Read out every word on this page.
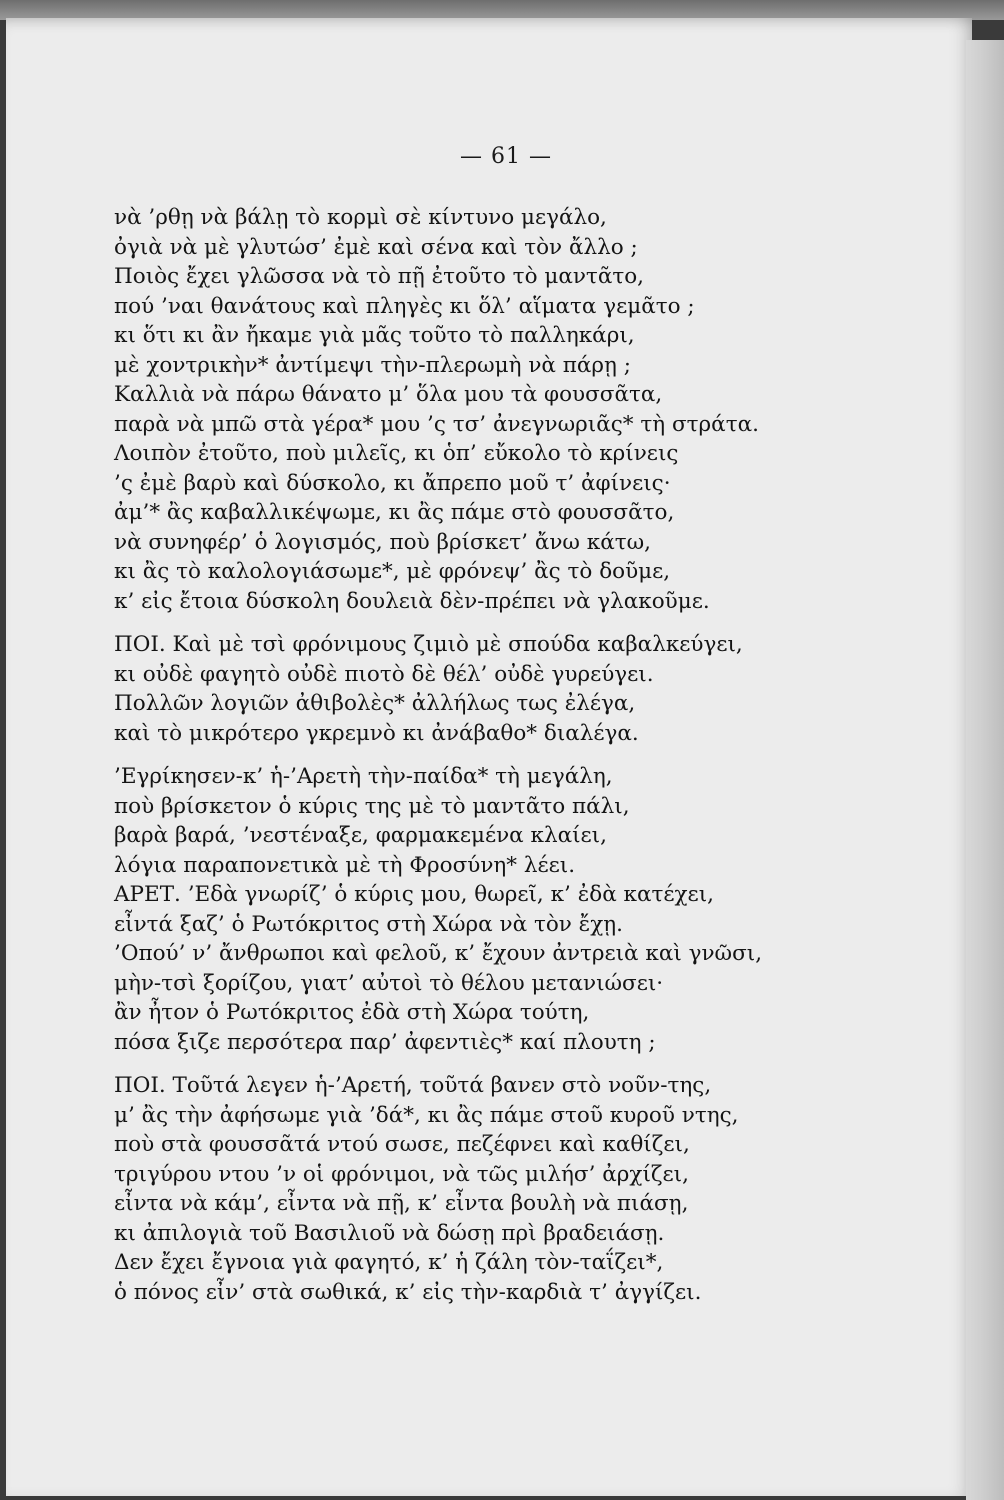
— 61 —
νὰ ’ρθῃ νὰ βάλῃ τὸ κορμὶ σὲ κίντυνο μεγάλο,
ὀγιὰ νὰ μὲ γλυτώσ’ ἐμὲ καὶ σένα καὶ τὸν ἄλλο ;
Ποιὸς ἔχει γλῶσσα νὰ τὸ πῇ ἐτοῦτο τὸ μαντᾶτο,
πού ’ναι θανάτους καὶ πληγὲς κι ὅλ’ αἵματα γεμᾶτο ;
κι ὅτι κι ἂν ἤκαμε γιὰ μᾶς τοῦτο τὸ παλληκάρι,
μὲ χοντρικὴν* ἀντίμεψι τὴν-πλερωμὴ νὰ πάρῃ ;
Καλλιὰ νὰ πάρω θάνατο μ’ ὅλα μου τὰ φουσσᾶτα,
παρὰ νὰ μπῶ στὰ γέρα* μου ’ς τσ’ ἀνεγνωριᾶς* τὴ στράτα.
Λοιπὸν ἐτοῦτο, ποὺ μιλεῖς, κι ὁπ’ εὔκολο τὸ κρίνεις
’ς ἐμὲ βαρὺ καὶ δύσκολο, κι ἄπρεπο μοῦ τ’ ἀφίνεις·
ἀμ’* ἂς καβαλλικέψωμε, κι ἂς πάμε στὸ φουσσᾶτο,
νὰ συνηφέρ’ ὁ λογισμός, ποὺ βρίσκετ’ ἄνω κάτω,
κι ἂς τὸ καλολογιάσωμε*, μὲ φρόνεψ’ ἂς τὸ δοῦμε,
κ’ εἰς ἔτοια δύσκολη δουλειὰ δὲν-πρέπει νὰ γλακοῦμε.
ΠΟΙ. Καὶ μὲ τσὶ φρόνιμους ζιμιὸ μὲ σπούδα καβαλκεύγει,
κι οὐδὲ φαγητὸ οὐδὲ πιοτὸ δὲ θέλ’ οὐδὲ γυρεύγει.
Πολλῶν λογιῶν ἀθιβολὲς* ἀλλήλως τως ἐλέγα,
καὶ τὸ μικρότερο γκρεμνὸ κι ἀνάβαθο* διαλέγα.
’Εγρίκησεν-κ’ ἡ-’Αρετὴ τὴν-παίδα* τὴ μεγάλη,
ποὺ βρίσκετον ὁ κύρις της μὲ τὸ μαντᾶτο πάλι,
βαρὰ βαρά, ’νεστέναξε, φαρμακεμένα κλαίει,
λόγια παραπονετικὰ μὲ τὴ Φροσύνη* λέει.
ΑΡΕΤ. ’Εδὰ γνωρίζ’ ὁ κύρις μου, θωρεῖ, κ’ ἐδὰ κατέχει,
εἶντά ξαζ’ ὁ Ρωτόκριτος στὴ Χώρα νὰ τὸν ἔχῃ.
’Οπού’ ν’ ἄνθρωποι καὶ φελοῦ, κ’ ἔχουν ἀντρειὰ καὶ γνῶσι,
μὴν-τσὶ ξορίζου, γιατ’ αὐτοὶ τὸ θέλου μετανιώσει·
ἂν ἦτον ὁ Ρωτόκριτος ἐδὰ στὴ Χώρα τούτη,
πόσα ξιζε περσότερα παρ’ ἀφεντιὲς* καί πλουτη ;
ΠΟΙ. Τοῦτά λεγεν ἡ-’Αρετή, τοῦτά βανεν στὸ νοῦν-της,
μ’ ἂς τὴν ἀφήσωμε γιὰ ’δά*, κι ἂς πάμε στοῦ κυροῦ ντης,
ποὺ στὰ φουσσᾶτά ντού σωσε, πεζέφνει καὶ καθίζει,
τριγύρου ντου ’ν οἱ φρόνιμοι, νὰ τῶς μιλήσ’ ἀρχίζει,
εἶντα νὰ κάμ’, εἶντα νὰ πῇ, κ’ εἶντα βουλὴ νὰ πιάσῃ,
κι ἀπιλογιὰ τοῦ Βασιλιοῦ νὰ δώσῃ πρὶ βραδειάσῃ.
Δεν ἔχει ἔγνοια γιὰ φαγητό, κ’ ἡ ζάλη τὸν-ταΐζει*,
ὁ πόνος εἶν’ στὰ σωθικά, κ’ εἰς τὴν-καρδιὰ τ’ ἀγγίζει.
